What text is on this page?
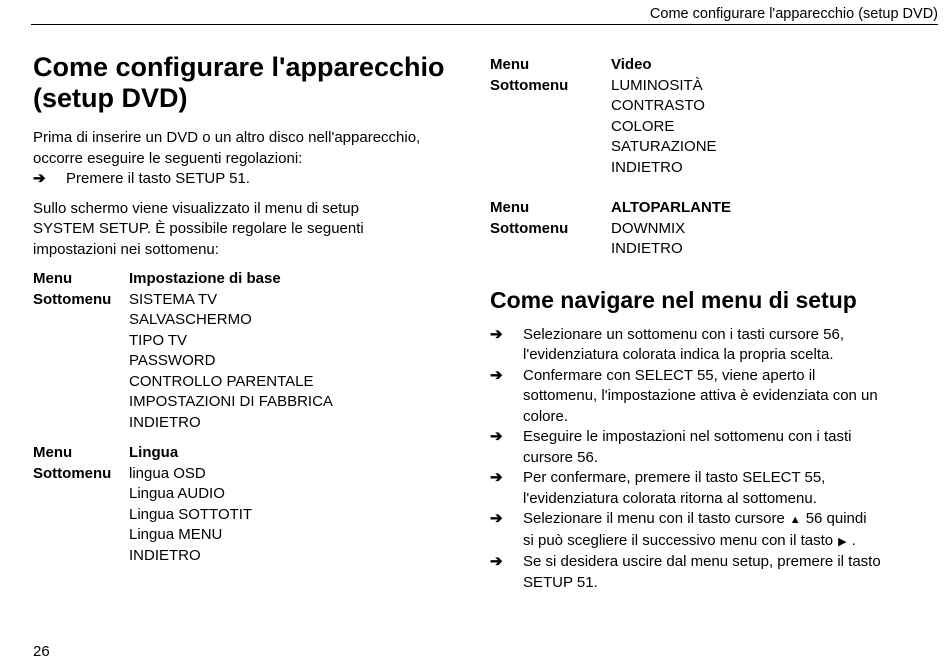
Come configurare l'apparecchio (setup DVD)
Come configurare l'apparecchio
(setup DVD)

Prima di inserire un DVD o un altro disco nell'apparecchio,
occorre eseguire le seguenti regolazioni:
➔ Premere il tasto SETUP 51.

Sullo schermo viene visualizzato il menu di setup
SYSTEM SETUP. È possibile regolare le seguenti
impostazioni nei sottomenu:

Menu	Impostazione di base
Sottomenu	SISTEMA TV
SALVASCHERMO
TIPO TV
PASSWORD
CONTROLLO PARENTALE
IMPOSTAZIONI DI FABBRICA
INDIETRO
Menu	Lingua
Sottomenu	lingua OSD
Lingua AUDIO
Lingua SOTTOTIT
Lingua MENU
INDIETRO
Menu	Video
Sottomenu	LUMINOSITÀ
CONTRASTO
COLORE
SATURAZIONE
INDIETRO
Menu	ALTOPARLANTE
Sottomenu	DOWNMIX
INDIETRO
Come navigare nel menu di setup
➔	Selezionare un sottomenu con i tasti cursore 56,
l'evidenziatura colorata indica la propria scelta.
➔	Confermare con SELECT 55, viene aperto il
sottomenu, l'impostazione attiva è evidenziata con un
colore.
➔	Eseguire le impostazioni nel sottomenu con i tasti
cursore 56.
➔	Per confermare, premere il tasto SELECT 55,
l'evidenziatura colorata ritorna al sottomenu.
➔	Selezionare il menu con il tasto cursore ▲ 56 quindi
si può scegliere il successivo menu con il tasto ▶ .
➔	Se si desidera uscire dal menu setup, premere il tasto
SETUP 51.
26
